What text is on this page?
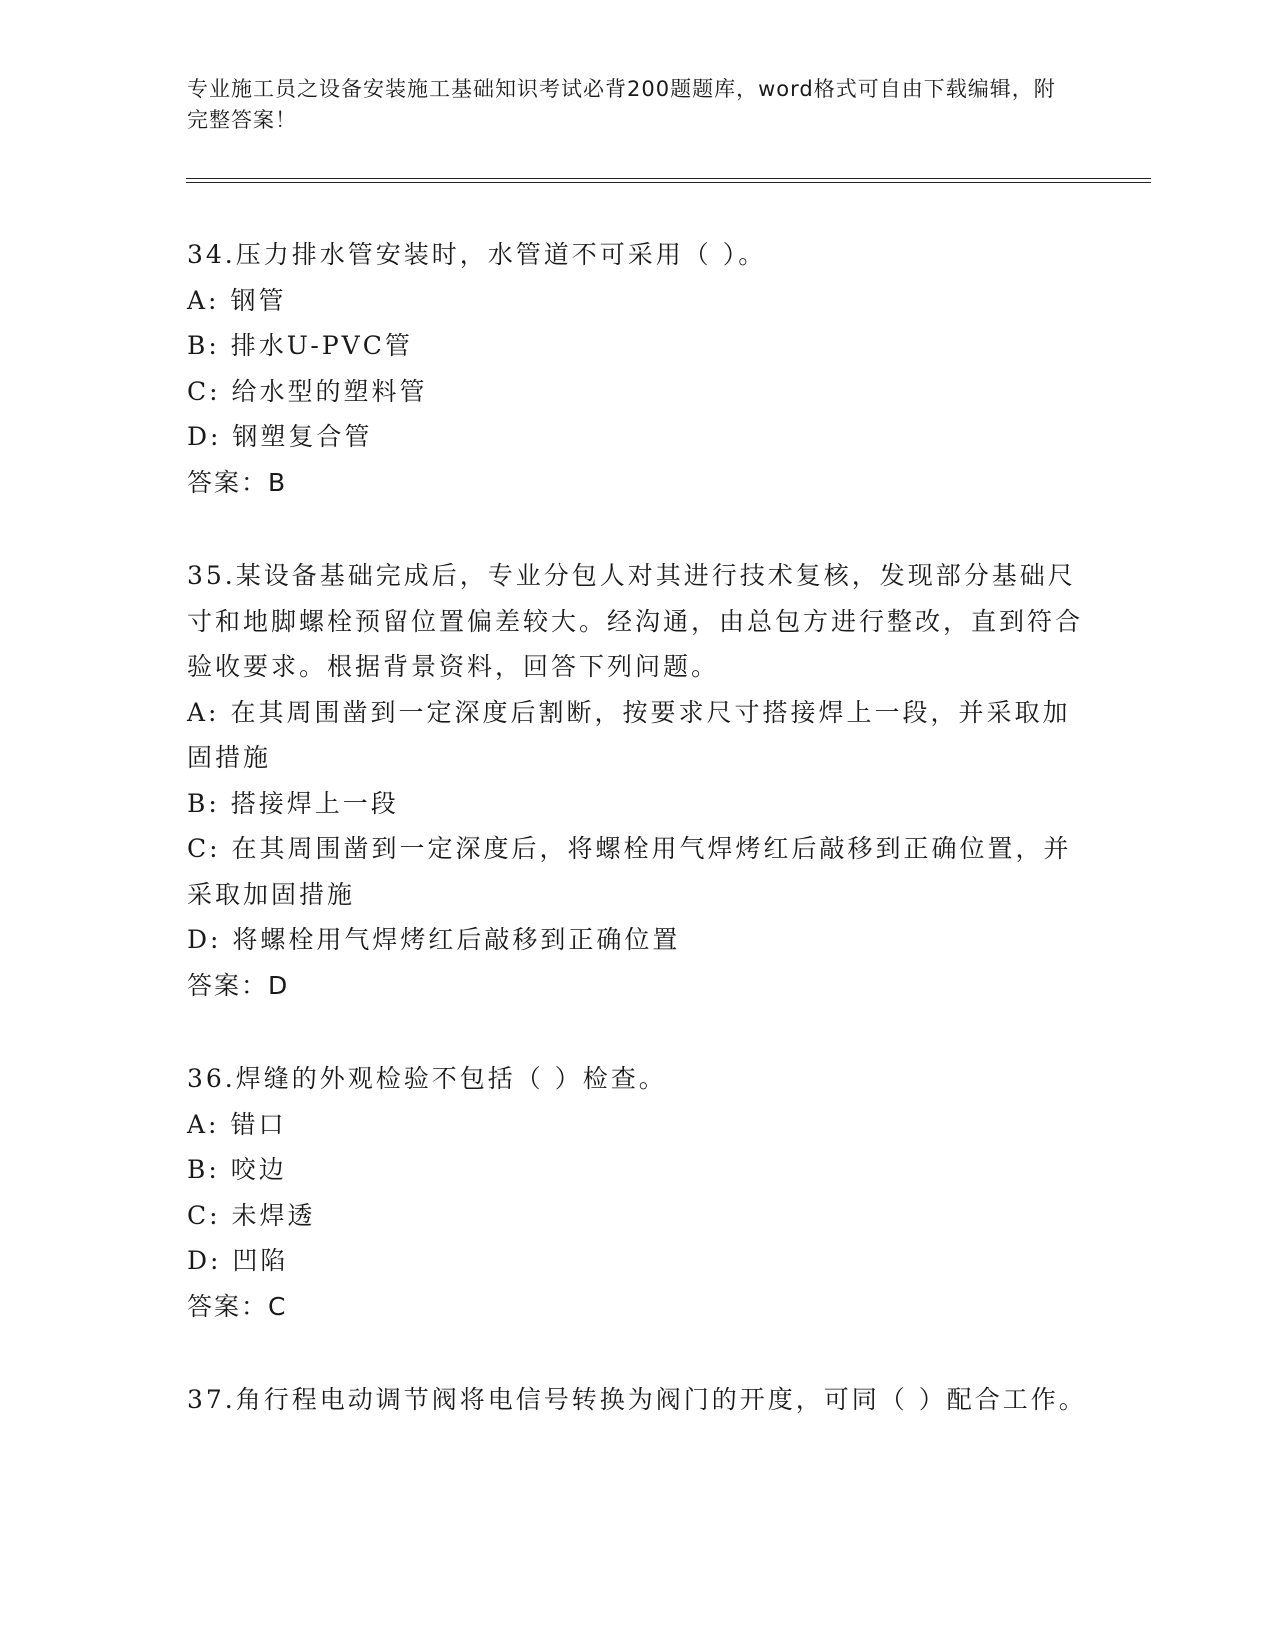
专业施工员之设备安装施工基础知识考试必背200题题库，word格式可自由下载编辑，附完整答案！

34.压力排水管安装时，水管道不可采用（ ）。

A: 钢管

B: 排水U-PVC管

C: 给水型的塑料管

D: 钢塑复合管

答案：B

35.某设备基础完成后，专业分包人对其进行技术复核，发现部分基础尺寸和地脚螺栓预留位置偏差较大。经沟通，由总包方进行整改，直到符合验收要求。根据背景资料，回答下列问题。

A: 在其周围凿到一定深度后割断，按要求尺寸搭接焊上一段，并采取加固措施

B: 搭接焊上一段

C: 在其周围凿到一定深度后，将螺栓用气焊烤红后敲移到正确位置，并采取加固措施

D: 将螺栓用气焊烤红后敲移到正确位置

答案：D

36.焊缝的外观检验不包括（ ）检查。

A: 错口

B: 咬边

C: 未焊透

D: 凹陷

答案：C

37.角行程电动调节阀将电信号转换为阀门的开度，可同（ ）配合工作。
